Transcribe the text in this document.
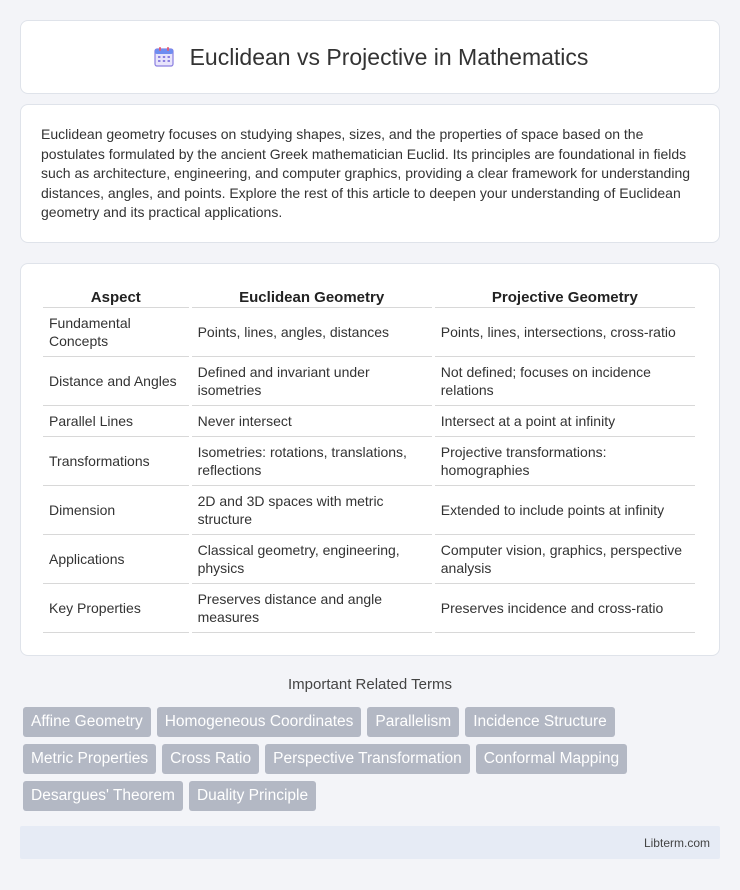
Euclidean vs Projective in Mathematics

Euclidean geometry focuses on studying shapes, sizes, and the properties of space based on the postulates formulated by the ancient Greek mathematician Euclid. Its principles are foundational in fields such as architecture, engineering, and computer graphics, providing a clear framework for understanding distances, angles, and points. Explore the rest of this article to deepen your understanding of Euclidean geometry and its practical applications.

Aspect	Euclidean Geometry	Projective Geometry
Fundamental Concepts	Points, lines, angles, distances	Points, lines, intersections, cross-ratio
Distance and Angles	Defined and invariant under isometries	Not defined; focuses on incidence relations
Parallel Lines	Never intersect	Intersect at a point at infinity
Transformations	Isometries: rotations, translations, reflections	Projective transformations: homographies
Dimension	2D and 3D spaces with metric structure	Extended to include points at infinity
Applications	Classical geometry, engineering, physics	Computer vision, graphics, perspective analysis
Key Properties	Preserves distance and angle measures	Preserves incidence and cross-ratio
Important Related Terms
Affine Geometry	Homogeneous Coordinates	Parallelism	Incidence Structure
Metric Properties	Cross Ratio	Perspective Transformation	Conformal Mapping
Desargues' Theorem	Duality Principle
Libterm.com
